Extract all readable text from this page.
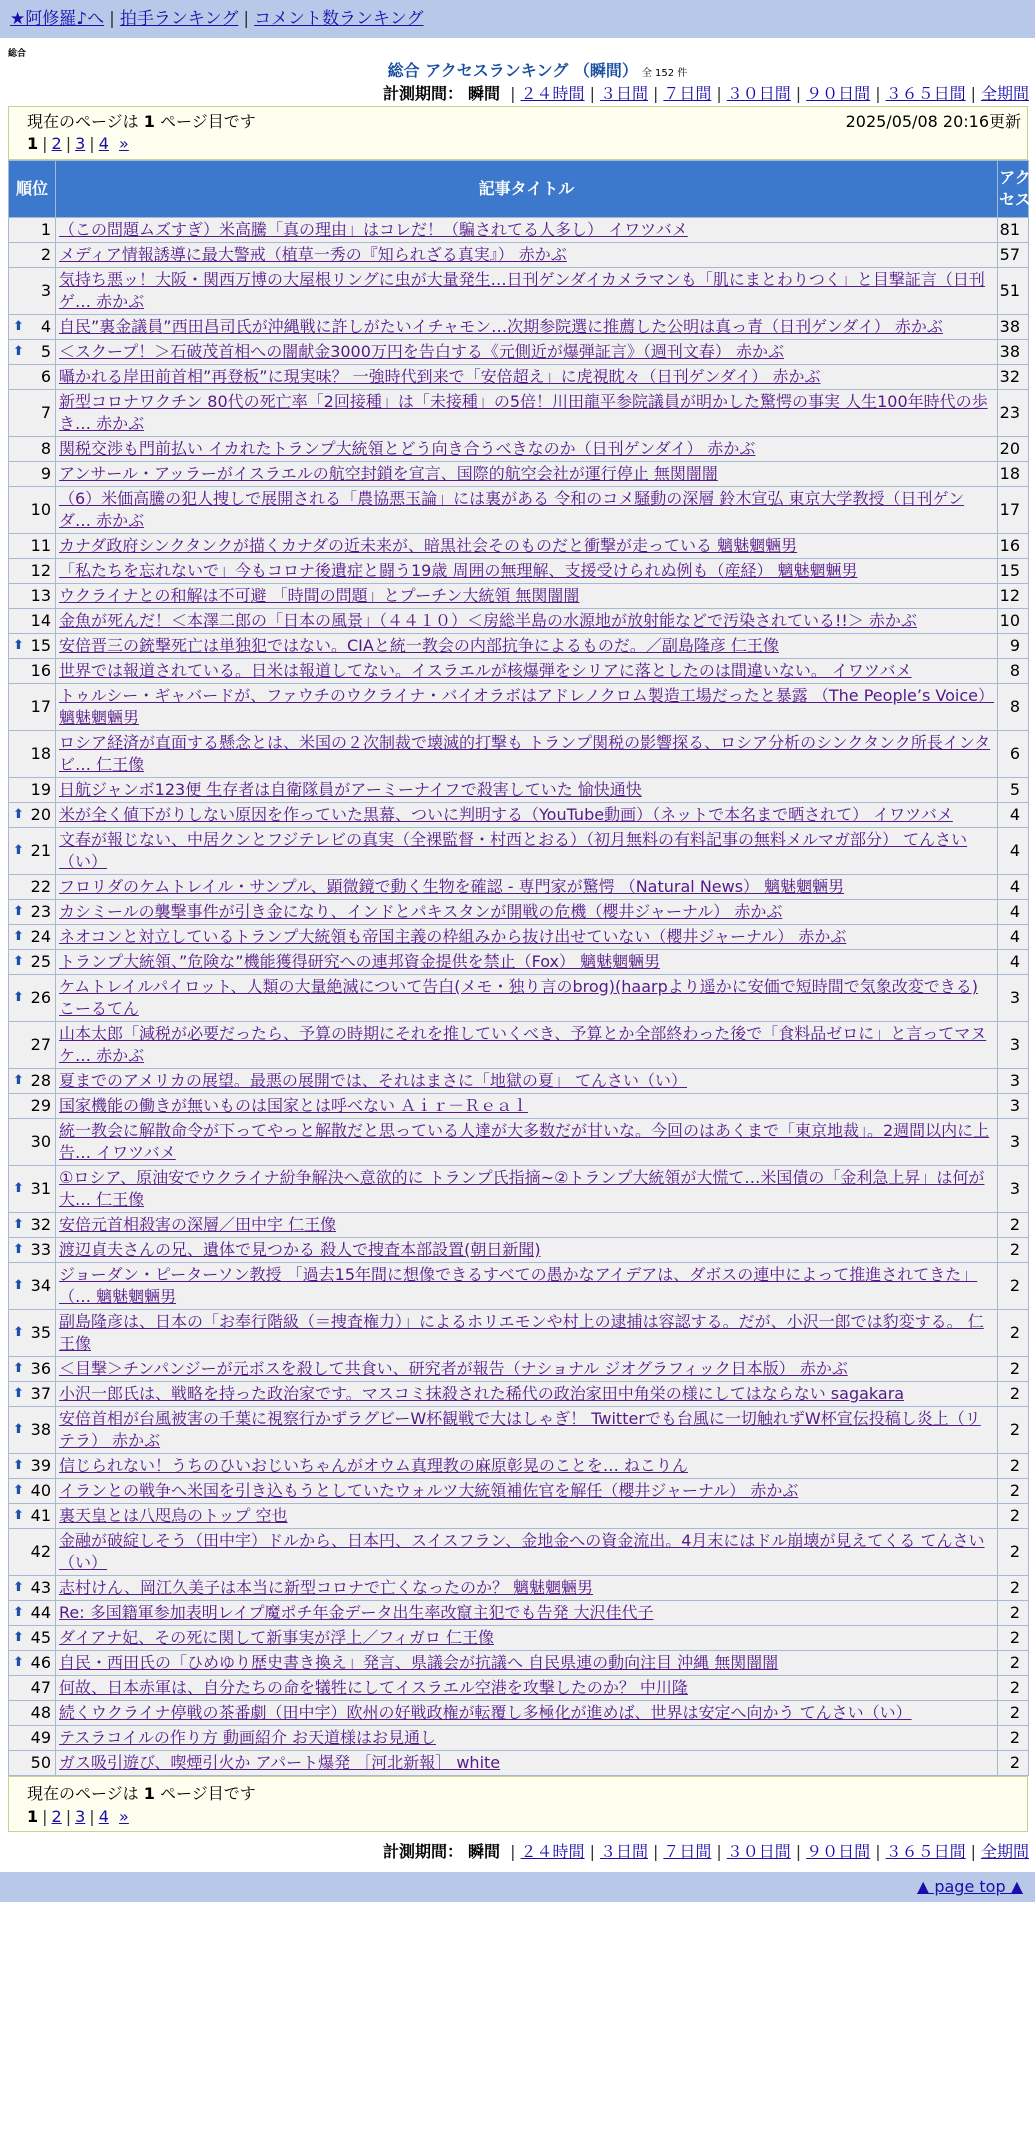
★阿修羅♪へ | 拍手ランキング | コメント数ランキング
総合
総合 アクセスランキング （瞬間） 全 152 件
計測期間： 瞬間 | ２４時間 | ３日間 | ７日間 | ３０日間 | ９０日間 | ３６５日間 | 全期間
現在のページは 1 ページ目です	2025/05/08 20:16更新
1 | 2 | 3 | 4 »
順位	記事タイトル	アクセス
1	（この問題ムズすぎ）米高騰「真の理由」はコレだ！（騙されてる人多し） イワツバメ	81
2	メディア情報誘導に最大警戒（植草一秀の『知られざる真実』） 赤かぶ	57
3	気持ち悪ッ！大阪・関西万博の大屋根リングに虫が大量発生…日刊ゲンダイカメラマンも「肌にまとわりつく」と目撃証言（日刊ゲ… 赤かぶ	51

⬆ 4	自民”裏金議員”西田昌司氏が沖縄戦に許しがたいイチャモン…次期参院選に推薦した公明は真っ青（日刊ゲンダイ） 赤かぶ	38

⬆ 5	＜スクープ！＞石破茂首相への闇献金3000万円を告白する《元側近が爆弾証言》（週刊文春） 赤かぶ	38
6	囁かれる岸田前首相”再登板”に現実味？ 一強時代到来で「安倍超え」に虎視眈々（日刊ゲンダイ） 赤かぶ	32
7	新型コロナワクチン 80代の死亡率「2回接種」は「未接種」の5倍！川田龍平参院議員が明かした驚愕の事実 人生100年時代の歩き… 赤かぶ	23
8	関税交渉も門前払い イカれたトランプ大統領とどう向き合うべきなのか（日刊ゲンダイ） 赤かぶ	20
9	アンサール・アッラーがイスラエルの航空封鎖を宣言、国際的航空会社が運行停止 無関闇闇	18
10	（6）米価高騰の犯人捜しで展開される「農協悪玉論」には裏がある 令和のコメ騒動の深層 鈴木宣弘 東京大学教授（日刊ゲンダ… 赤かぶ	17
11	カナダ政府シンクタンクが描くカナダの近未来が、暗黒社会そのものだと衝撃が走っている 魑魅魍魎男	16
12	「私たちを忘れないで」今もコロナ後遺症と闘う19歳 周囲の無理解、支援受けられぬ例も（産経） 魑魅魍魎男	15
13	ウクライナとの和解は不可避 「時間の問題」とプーチン大統領 無関闇闇	12
14	金魚が死んだ！＜本澤二郎の「日本の風景」（４４１０）＜房総半島の水源地が放射能などで汚染されている!!＞ 赤かぶ	10

⬆ 15	安倍晋三の銃撃死亡は単独犯ではない。CIAと統一教会の内部抗争によるものだ。／副島隆彦 仁王像	9
16	世界では報道されている。日米は報道してない。イスラエルが核爆弾をシリアに落としたのは間違いない。 イワツバメ	8
17	トゥルシー・ギャバードが、ファウチのウクライナ・バイオラボはアドレノクロム製造工場だったと暴露 （The People’s Voice） 魑魅魍魎男	8
18	ロシア経済が直面する懸念とは、米国の２次制裁で壊滅的打撃も トランプ関税の影響探る、ロシア分析のシンクタンク所長インタビ… 仁王像	6
19	日航ジャンボ123便 生存者は自衛隊員がアーミーナイフで殺害していた 愉快通快	5

⬆ 20	米が全く値下がりしない原因を作っていた黒幕、ついに判明する（YouTube動画）（ネットで本名まで晒されて） イワツバメ	4

⬆ 21	文春が報じない、中居クンとフジテレビの真実（全裸監督・村西とおる）（初月無料の有料記事の無料メルマガ部分） てんさい（い）	4
22	フロリダのケムトレイル・サンプル、顕微鏡で動く生物を確認 - 専門家が驚愕 （Natural News） 魑魅魍魎男	4

⬆ 23	カシミールの襲撃事件が引き金になり、インドとパキスタンが開戦の危機（櫻井ジャーナル） 赤かぶ	4

⬆ 24	ネオコンと対立しているトランプ大統領も帝国主義の枠組みから抜け出せていない（櫻井ジャーナル） 赤かぶ	4

⬆ 25	トランプ大統領、”危険な”機能獲得研究への連邦資金提供を禁止（Fox） 魑魅魍魎男	4

⬆ 26	ケムトレイルパイロット、人類の大量絶滅について告白(メモ・独り言のbrog)(haarpより遥かに安価で短時間で気象改変できる) こーるてん	3
27	山本太郎「減税が必要だったら、予算の時期にそれを推していくべき、予算とか全部終わった後で「食料品ゼロに」と言ってマヌケ… 赤かぶ	3

⬆ 28	夏までのアメリカの展望。最悪の展開では、それはまさに「地獄の夏」 てんさい（い）	3
29	国家機能の働きが無いものは国家とは呼べない Ａｉｒ－Ｒｅａｌ	3
30	統一教会に解散命令が下ってやっと解散だと思っている人達が大多数だが甘いな。今回のはあくまで「東京地裁」。2週間以内に上告… イワツバメ	3

⬆ 31	①ロシア、原油安でウクライナ紛争解決へ意欲的に トランプ氏指摘~②トランプ大統領が大慌て…米国債の「金利急上昇」は何が大… 仁王像	3

⬆ 32	安倍元首相殺害の深層／田中宇 仁王像	2

⬆ 33	渡辺貞夫さんの兄、遺体で見つかる 殺人で捜査本部設置(朝日新聞)	2

⬆ 34	ジョーダン・ピーターソン教授 「過去15年間に想像できるすべての愚かなアイデアは、ダボスの連中によって推進されてきた」（… 魑魅魍魎男	2

⬆ 35	副島隆彦は、日本の「お奉行階級（＝捜査権力）」によるホリエモンや村上の逮捕は容認する。だが、小沢一郎では豹変する。 仁王像	2

⬆ 36	＜目撃＞チンパンジーが元ボスを殺して共食い、研究者が報告（ナショナル ジオグラフィック日本版） 赤かぶ	2

⬆ 37	小沢一郎氏は、戦略を持った政治家です。マスコミ抹殺された稀代の政治家田中角栄の様にしてはならない sagakara	2

⬆ 38	安倍首相が台風被害の千葉に視察行かずラグビーW杯観戦で大はしゃぎ！ Twitterでも台風に一切触れずW杯宣伝投稿し炎上（リテラ） 赤かぶ	2

⬆ 39	信じられない！うちのひいおじいちゃんがオウム真理教の麻原彰晃のことを… ねこりん	2

⬆ 40	イランとの戦争へ米国を引き込もうとしていたウォルツ大統領補佐官を解任（櫻井ジャーナル） 赤かぶ	2

⬆ 41	裏天皇とは八咫烏のトップ 空也	2
42	金融が破綻しそう（田中宇）ドルから、日本円、スイスフラン、金地金への資金流出。4月末にはドル崩壊が見えてくる てんさい（い）	2

⬆ 43	志村けん、岡江久美子は本当に新型コロナで亡くなったのか？ 魑魅魍魎男	2

⬆ 44	Re: 多国籍軍参加表明レイプ魔ポチ年金データ出生率改竄主犯でも告発 大沢佳代子	2

⬆ 45	ダイアナ妃、その死に関して新事実が浮上／フィガロ 仁王像	2

⬆ 46	自民・西田氏の「ひめゆり歴史書き換え」発言、県議会が抗議へ 自民県連の動向注目 沖縄 無関闇闇	2
47	何故、日本赤軍は、自分たちの命を犠牲にしてイスラエル空港を攻撃したのか？ 中川隆	2
48	続くウクライナ停戦の茶番劇（田中宇）欧州の好戦政権が転覆し多極化が進めば、世界は安定へ向かう てんさい（い）	2
49	テスラコイルの作り方 動画紹介 お天道様はお見通し	2
50	ガス吸引遊び、喫煙引火か アパート爆発 ［河北新報］ white	2
現在のページは 1 ページ目です
1 | 2 | 3 | 4 »
計測期間： 瞬間 | ２４時間 | ３日間 | ７日間 | ３０日間 | ９０日間 | ３６５日間 | 全期間
▲ page top ▲
